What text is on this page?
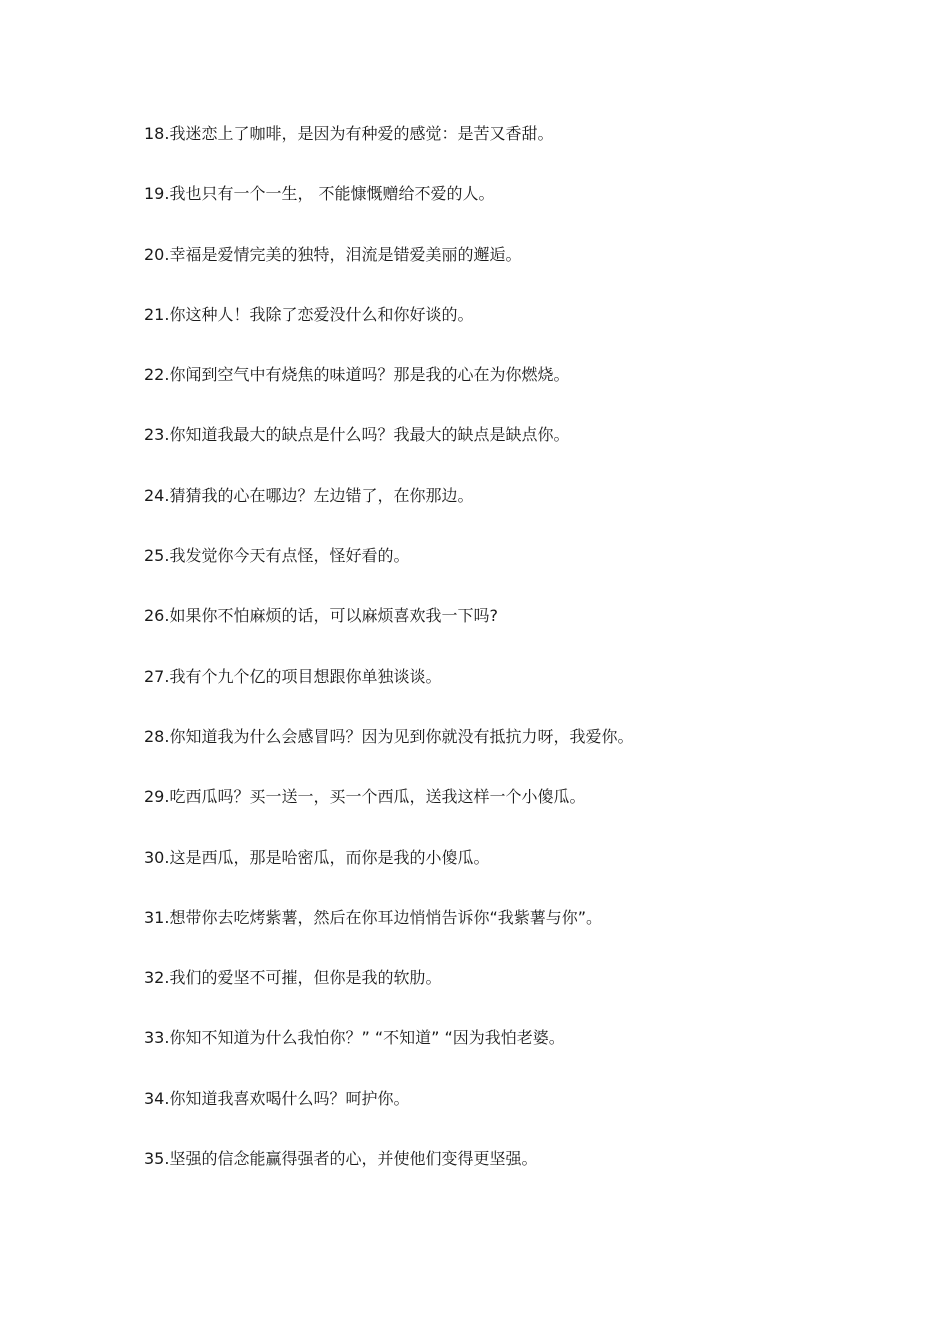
18.我迷恋上了咖啡，是因为有种爱的感觉：是苦又香甜。
19.我也只有一个一生， 不能慷慨赠给不爱的人。
20.幸福是爱情完美的独特，泪流是错爱美丽的邂逅。
21.你这种人！我除了恋爱没什么和你好谈的。
22.你闻到空气中有烧焦的味道吗？那是我的心在为你燃烧。
23.你知道我最大的缺点是什么吗？我最大的缺点是缺点你。
24.猜猜我的心在哪边？左边错了，在你那边。
25.我发觉你今天有点怪，怪好看的。
26.如果你不怕麻烦的话，可以麻烦喜欢我一下吗?
27.我有个九个亿的项目想跟你单独谈谈。
28.你知道我为什么会感冒吗？因为见到你就没有抵抗力呀，我爱你。
29.吃西瓜吗？买一送一，买一个西瓜，送我这样一个小傻瓜。
30.这是西瓜，那是哈密瓜，而你是我的小傻瓜。
31.想带你去吃烤紫薯，然后在你耳边悄悄告诉你“我紫薯与你”。
32.我们的爱坚不可摧，但你是我的软肋。
33.你知不知道为什么我怕你？” “不知道” “因为我怕老婆。
34.你知道我喜欢喝什么吗？呵护你。
35.坚强的信念能赢得强者的心，并使他们变得更坚强。
